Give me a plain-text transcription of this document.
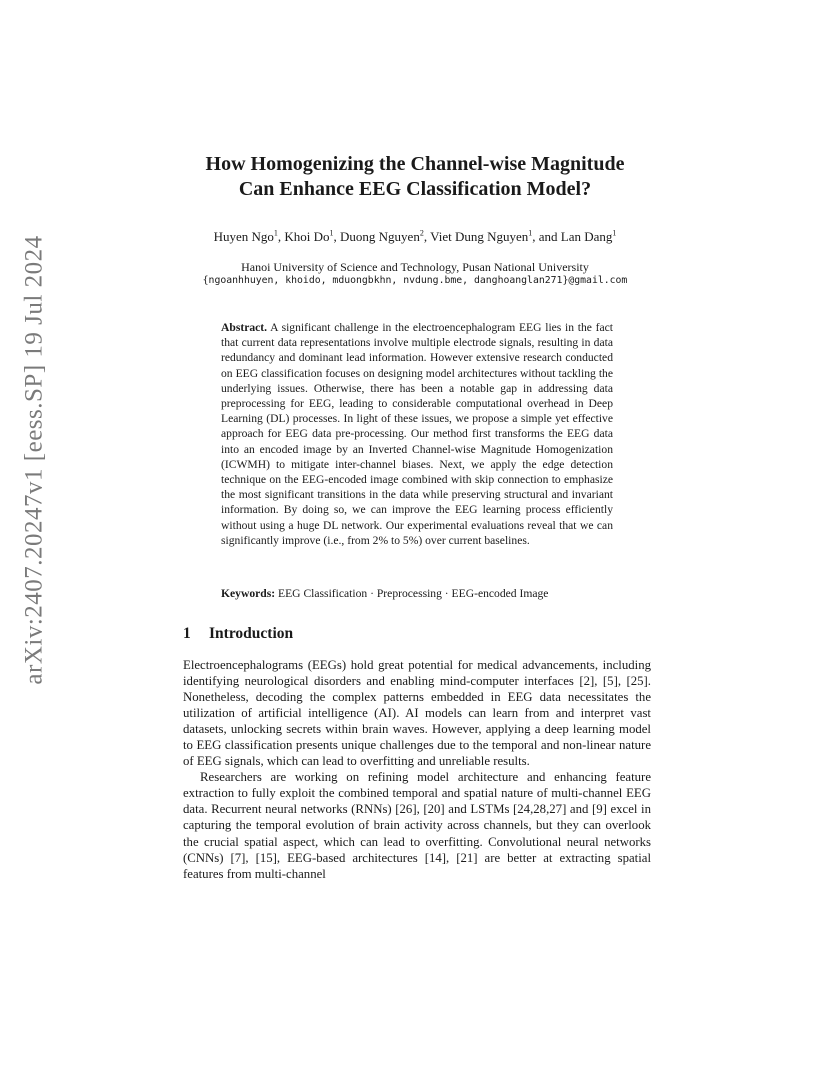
arXiv:2407.20247v1 [eess.SP] 19 Jul 2024
How Homogenizing the Channel-wise Magnitude
Can Enhance EEG Classification Model?
Huyen Ngo$^1$, Khoi Do$^1$, Duong Nguyen$^2$, Viet Dung Nguyen$^1$, and Lan Dang$^1$
Hanoi University of Science and Technology, Pusan National University
{ngoanhhuyen, khoido, mduongbkhn, nvdung.bme, danghoanglan271}@gmail.com
Abstract. A significant challenge in the electroencephalogram EEG lies in the fact that current data representations involve multiple electrode signals, resulting in data redundancy and dominant lead information. However extensive research conducted on EEG classification focuses on designing model architectures without tackling the underlying issues. Otherwise, there has been a notable gap in addressing data preprocessing for EEG, leading to considerable computational overhead in Deep Learning (DL) processes. In light of these issues, we propose a simple yet effective approach for EEG data pre-processing. Our method first transforms the EEG data into an encoded image by an Inverted Channel-wise Magnitude Homogenization (ICWMH) to mitigate inter-channel biases. Next, we apply the edge detection technique on the EEG-encoded image combined with skip connection to emphasize the most significant transitions in the data while preserving structural and invariant information. By doing so, we can improve the EEG learning process efficiently without using a huge DL network. Our experimental evaluations reveal that we can significantly improve (i.e., from 2% to 5%) over current baselines.
Keywords: EEG Classification · Preprocessing · EEG-encoded Image
1 Introduction

Electroencephalograms (EEGs) hold great potential for medical advancements, including identifying neurological disorders and enabling mind-computer interfaces [2], [5], [25]. Nonetheless, decoding the complex patterns embedded in EEG data necessitates the utilization of artificial intelligence (AI). AI models can learn from and interpret vast datasets, unlocking secrets within brain waves. However, applying a deep learning model to EEG classification presents unique challenges due to the temporal and non-linear nature of EEG signals, which can lead to overfitting and unreliable results.

Researchers are working on refining model architecture and enhancing feature extraction to fully exploit the combined temporal and spatial nature of multi-channel EEG data. Recurrent neural networks (RNNs) [26], [20] and LSTMs [24,28,27] and [9] excel in capturing the temporal evolution of brain activity across channels, but they can overlook the crucial spatial aspect, which can lead to overfitting. Convolutional neural networks (CNNs) [7], [15], EEG-based architectures [14], [21] are better at extracting spatial features from multi-channel
